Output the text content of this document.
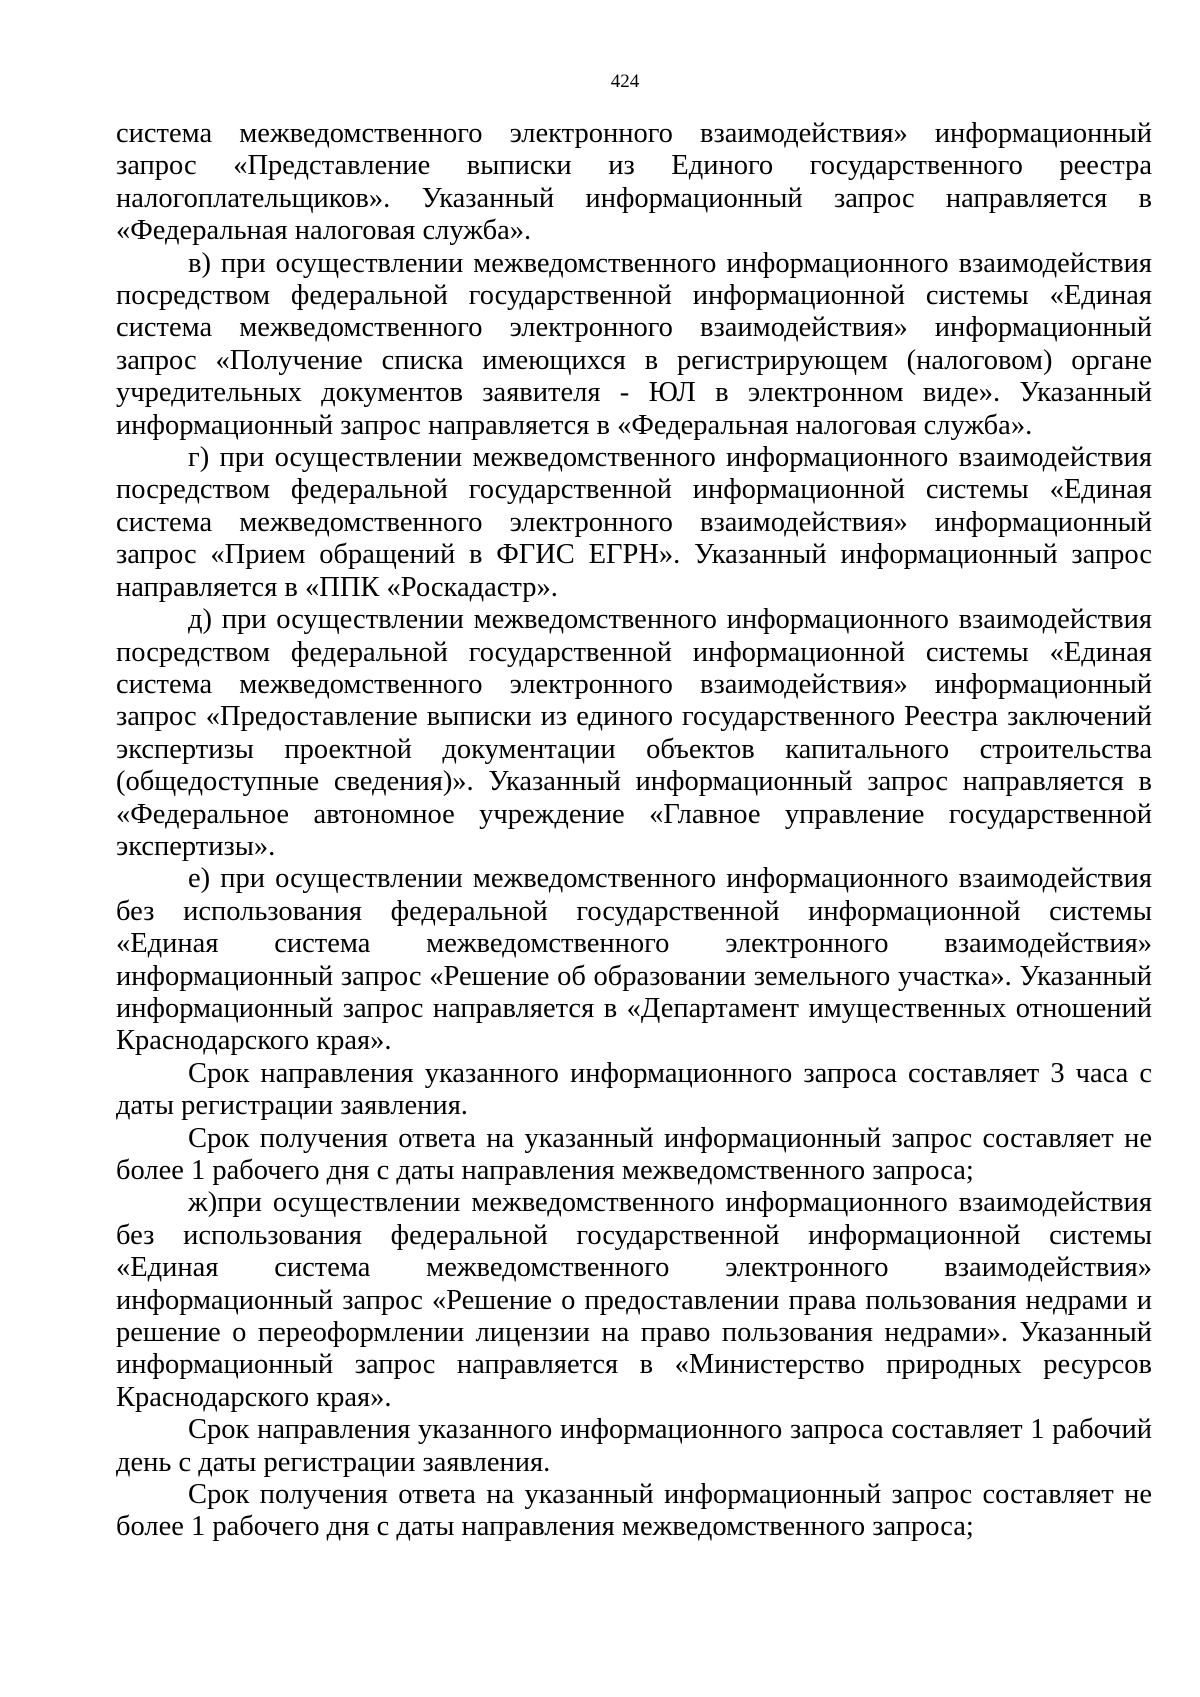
424

система межведомственного электронного взаимодействия» информационный запрос «Представление выписки из Единого государственного реестра налогоплательщиков». Указанный информационный запрос направляется в «Федеральная налоговая служба».

в) при осуществлении межведомственного информационного взаимодействия посредством федеральной государственной информационной системы «Единая система межведомственного электронного взаимодействия» информационный запрос «Получение списка имеющихся в регистрирующем (налоговом) органе учредительных документов заявителя - ЮЛ в электронном виде». Указанный информационный запрос направляется в «Федеральная налоговая служба».

г) при осуществлении межведомственного информационного взаимодействия посредством федеральной государственной информационной системы «Единая система межведомственного электронного взаимодействия» информационный запрос «Прием обращений в ФГИС ЕГРН». Указанный информационный запрос направляется в «ППК «Роскадастр».

д) при осуществлении межведомственного информационного взаимодействия посредством федеральной государственной информационной системы «Единая система межведомственного электронного взаимодействия» информационный запрос «Предоставление выписки из единого государственного Реестра заключений экспертизы проектной документации объектов капитального строительства (общедоступные сведения)». Указанный информационный запрос направляется в «Федеральное автономное учреждение «Главное управление государственной экспертизы».

е) при осуществлении межведомственного информационного взаимодействия без использования федеральной государственной информационной системы «Единая система межведомственного электронного взаимодействия» информационный запрос «Решение об образовании земельного участка». Указанный информационный запрос направляется в «Департамент имущественных отношений Краснодарского края».

Срок направления указанного информационного запроса составляет 3 часа с даты регистрации заявления.

Срок получения ответа на указанный информационный запрос составляет не более 1 рабочего дня с даты направления межведомственного запроса;

ж)при осуществлении межведомственного информационного взаимодействия без использования федеральной государственной информационной системы «Единая система межведомственного электронного взаимодействия» информационный запрос «Решение о предоставлении права пользования недрами и решение о переоформлении лицензии на право пользования недрами». Указанный информационный запрос направляется в «Министерство природных ресурсов Краснодарского края».

Срок направления указанного информационного запроса составляет 1 рабочий день с даты регистрации заявления.

Срок получения ответа на указанный информационный запрос составляет не более 1 рабочего дня с даты направления межведомственного запроса;
